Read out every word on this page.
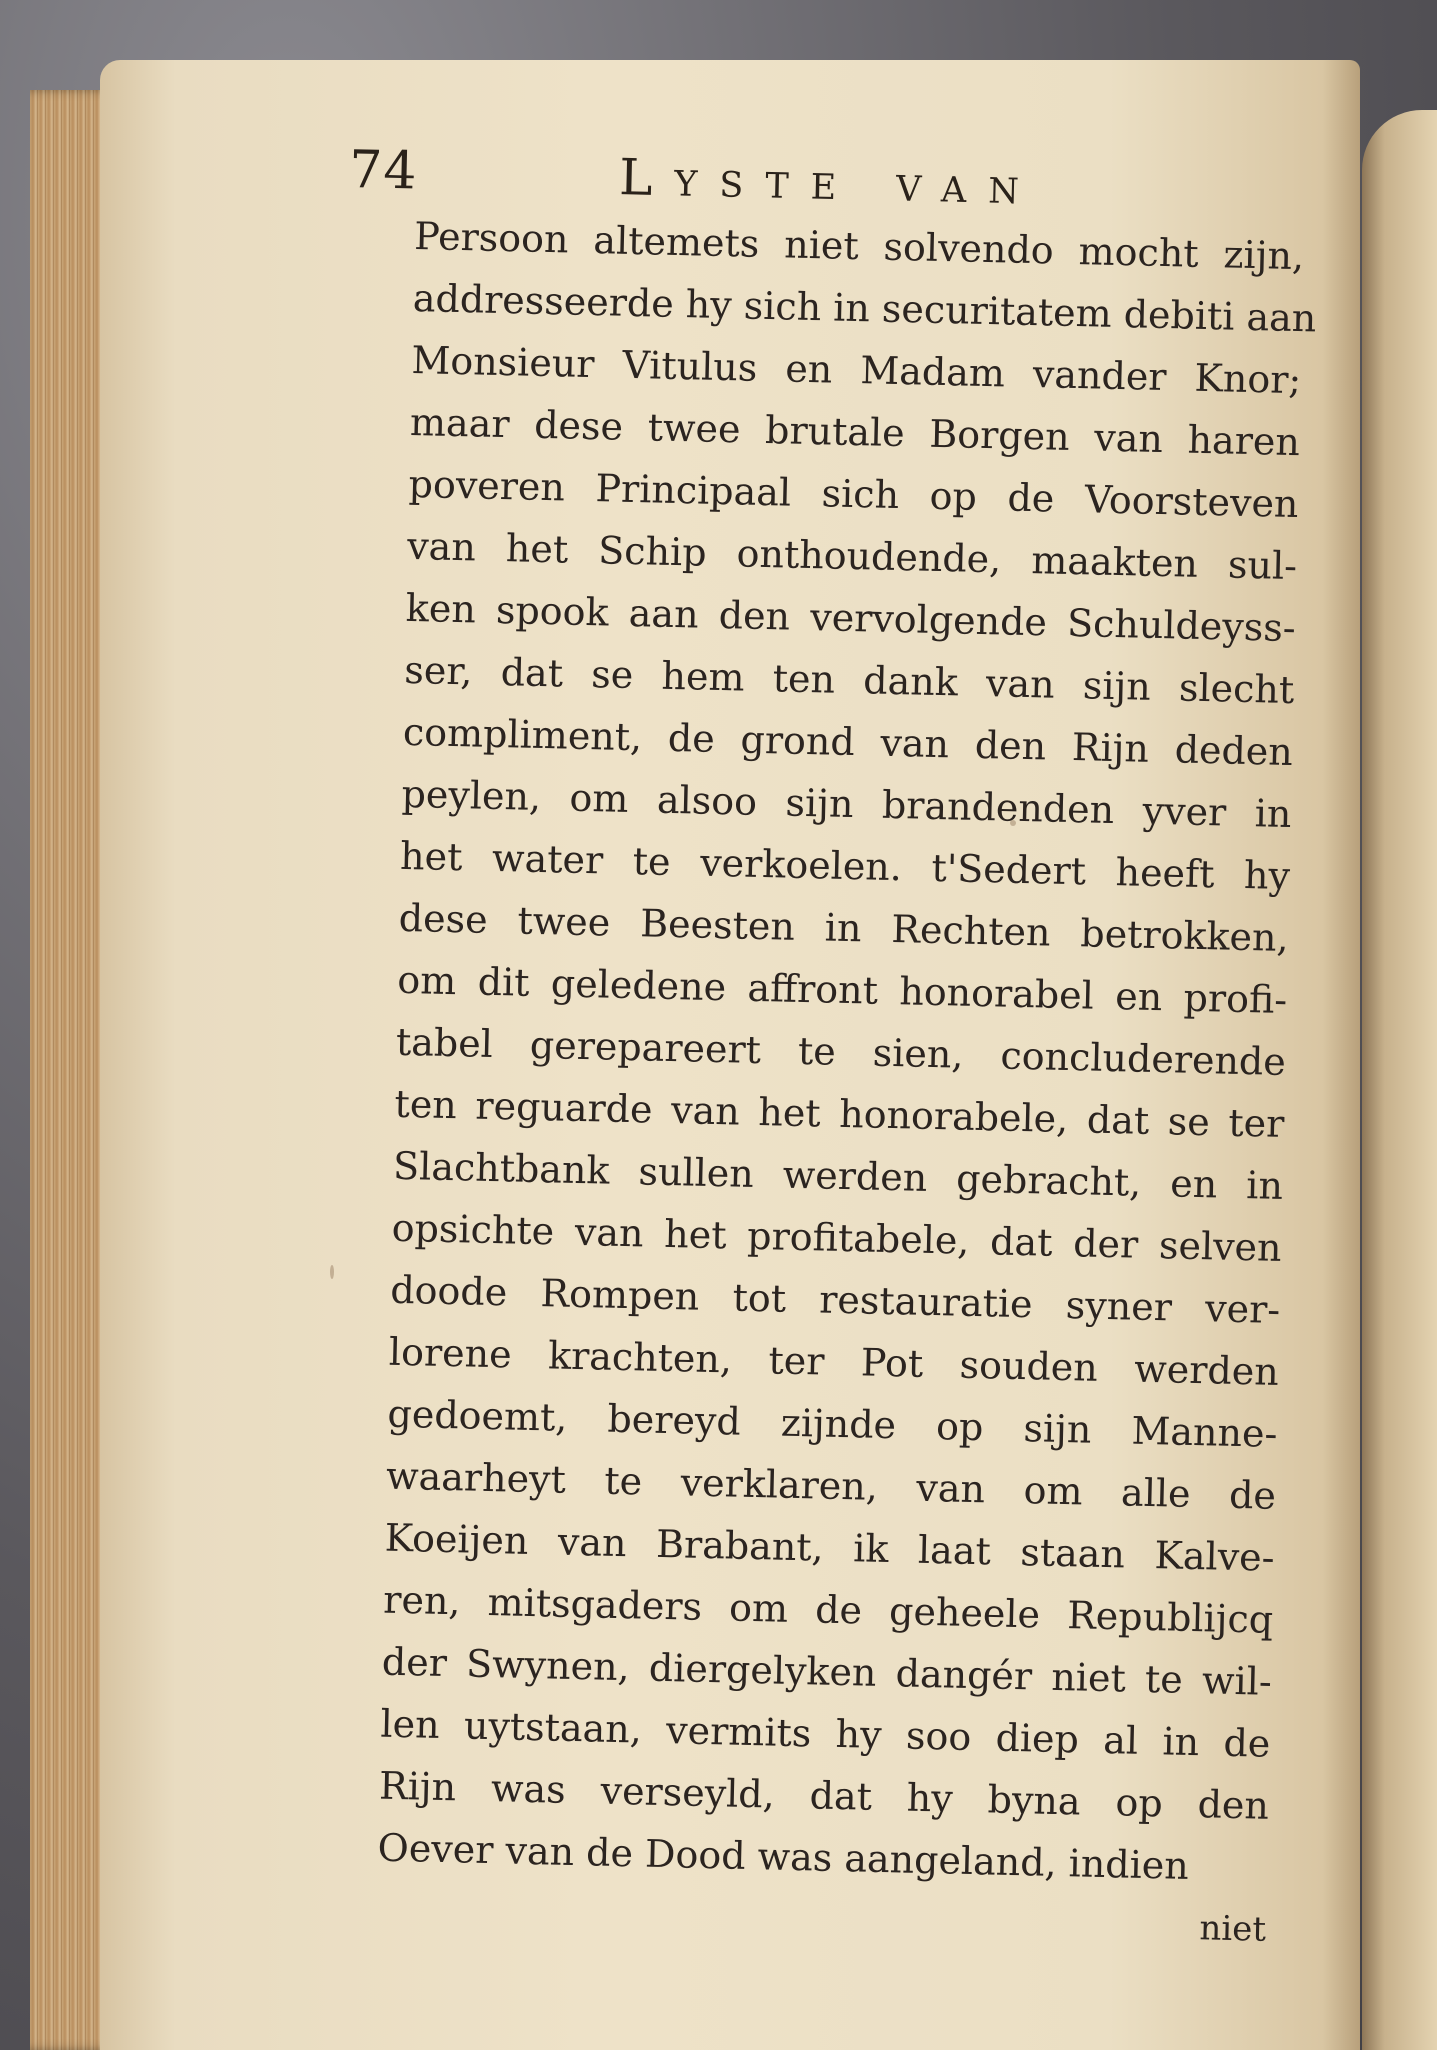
74	Lyste van
Persoon altemets niet solvendo mocht zijn,
addresseerde hy sich in securitatem debiti aan
Monsieur Vitulus en Madam vander Knor;
maar dese twee brutale Borgen van haren
poveren Principaal sich op de Voorsteven
van het Schip onthoudende, maakten sul-
ken spook aan den vervolgende Schuldeyss-
ser, dat se hem ten dank van sijn slecht
compliment, de grond van den Rijn deden
peylen, om alsoo sijn brandenden yver in
het water te verkoelen. t'Sedert heeft hy
dese twee Beesten in Rechten betrokken,
om dit geledene affront honorabel en profi-
tabel gerepareert te sien, concluderende
ten reguarde van het honorabele, dat se ter
Slachtbank sullen werden gebracht, en in
opsichte van het profitabele, dat der selven
doode Rompen tot restauratie syner ver-
lorene krachten, ter Pot souden werden
gedoemt, bereyd zijnde op sijn Manne-
waarheyt te verklaren, van om alle de
Koeijen van Brabant, ik laat staan Kalve-
ren, mitsgaders om de geheele Republijcq
der Swynen, diergelyken dangér niet te wil-
len uytstaan, vermits hy soo diep al in de
Rijn was verseyld, dat hy byna op den
Oever van de Dood was aangeland, indien
niet
